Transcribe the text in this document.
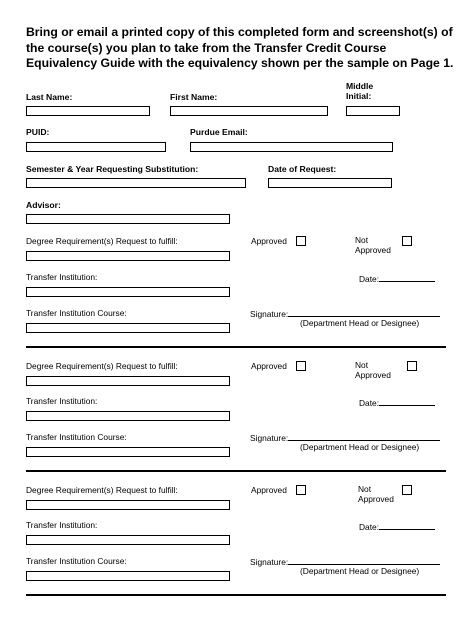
Bring or email a printed copy of this completed form and screenshot(s) of the course(s) you plan to take from the Transfer Credit Course Equivalency Guide with the equivalency shown per the sample on Page 1.
Last Name:	First Name:
Middle
Initial:
PUID:	Purdue Email:
Semester & Year Requesting Substitution:	Date of Request:
Advisor:
Degree Requirement(s) Request to fulfill:	Approved	Not
Approved
Transfer Institution:	Date:
Transfer Institution Course:	Signature:
(Department Head or Designee)
Degree Requirement(s) Request to fulfill:	Approved	Not
Approved
Transfer Institution:	Date:
Transfer Institution Course:	Signature:
(Department Head or Designee)
Degree Requirement(s) Request to fulfill:	Approved	Not
Approved
Transfer Institution:	Date:
Transfer Institution Course:	Signature:
(Department Head or Designee)
